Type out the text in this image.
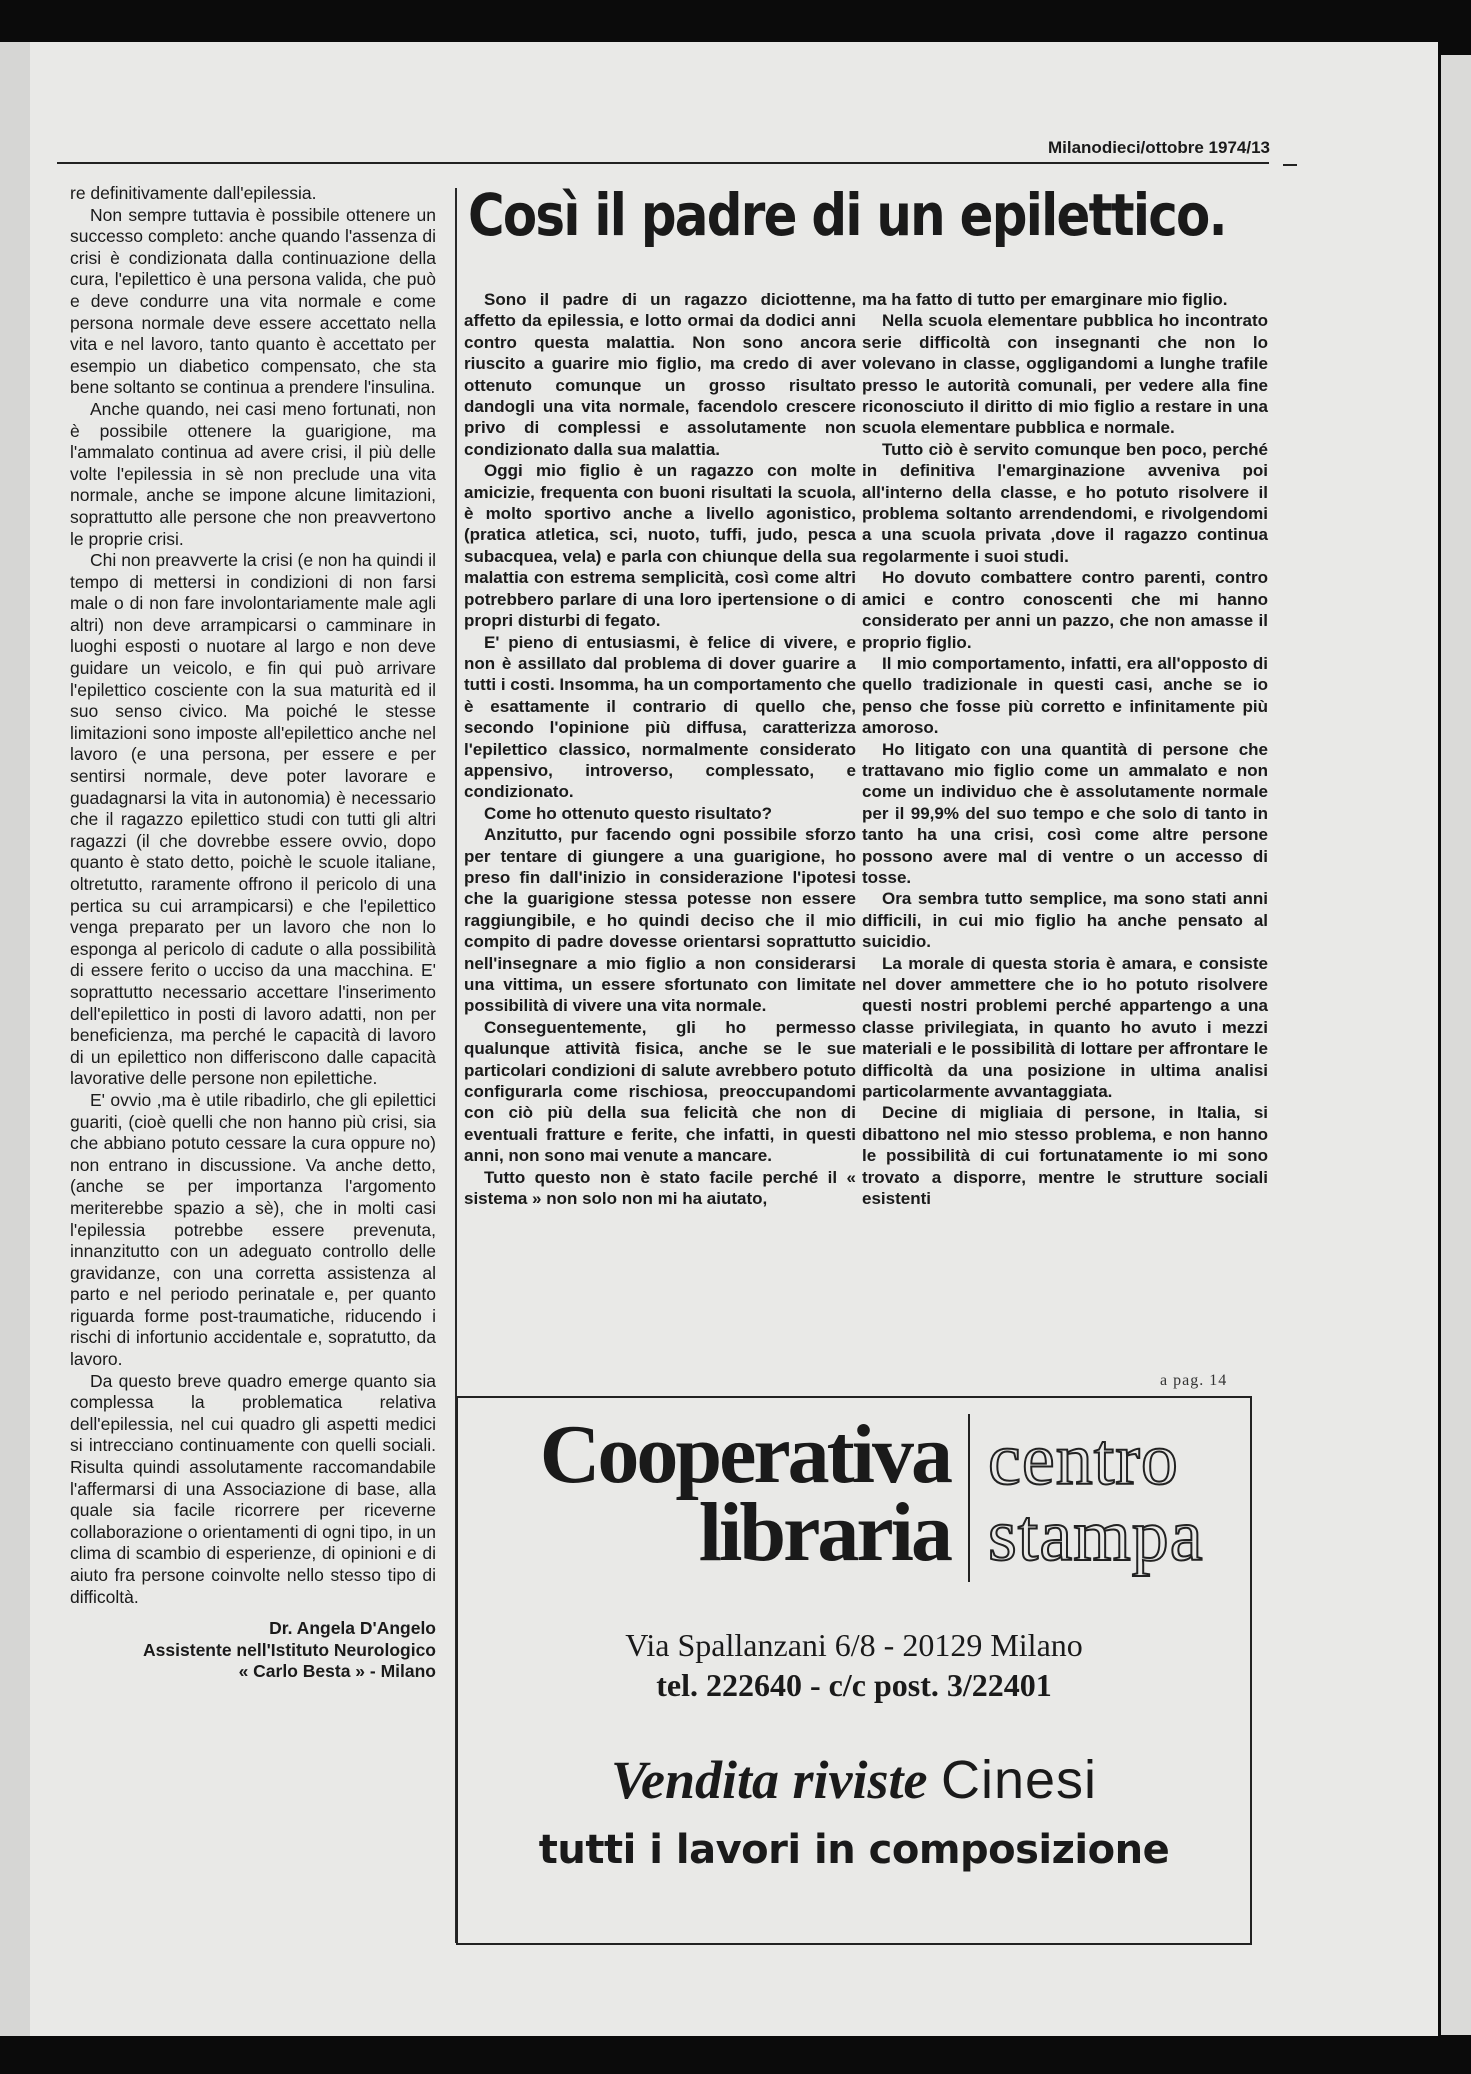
Milanodieci/ottobre 1974/13

re definitivamente dall'epilessia.

Non sempre tuttavia è possibile ottenere un successo completo: anche quando l'assenza di crisi è condizionata dalla continuazione della cura, l'epilettico è una persona valida, che può e deve condurre una vita normale e come persona normale deve essere accettato nella vita e nel lavoro, tanto quanto è accettato per esempio un diabetico compensato, che sta bene soltanto se continua a prendere l'insulina.

Anche quando, nei casi meno fortunati, non è possibile ottenere la guarigione, ma l'ammalato continua ad avere crisi, il più delle volte l'epilessia in sè non preclude una vita normale, anche se impone alcune limitazioni, soprattutto alle persone che non preavvertono le proprie crisi.

Chi non preavverte la crisi (e non ha quindi il tempo di mettersi in condizioni di non farsi male o di non fare involontariamente male agli altri) non deve arrampicarsi o camminare in luoghi esposti o nuotare al largo e non deve guidare un veicolo, e fin qui può arrivare l'epilettico cosciente con la sua maturità ed il suo senso civico. Ma poiché le stesse limitazioni sono imposte all'epilettico anche nel lavoro (e una persona, per essere e per sentirsi normale, deve poter lavorare e guadagnarsi la vita in autonomia) è necessario che il ragazzo epilettico studi con tutti gli altri ragazzi (il che dovrebbe essere ovvio, dopo quanto è stato detto, poichè le scuole italiane, oltretutto, raramente offrono il pericolo di una pertica su cui arrampicarsi) e che l'epilettico venga preparato per un lavoro che non lo esponga al pericolo di cadute o alla possibilità di essere ferito o ucciso da una macchina. E' soprattutto necessario accettare l'inserimento dell'epilettico in posti di lavoro adatti, non per beneficienza, ma perché le capacità di lavoro di un epilettico non differiscono dalle capacità lavorative delle persone non epilettiche.

E' ovvio ,ma è utile ribadirlo, che gli epilettici guariti, (cioè quelli che non hanno più crisi, sia che abbiano potuto cessare la cura oppure no) non entrano in discussione. Va anche detto, (anche se per importanza l'argomento meriterebbe spazio a sè), che in molti casi l'epilessia potrebbe essere prevenuta, innanzitutto con un adeguato controllo delle gravidanze, con una corretta assistenza al parto e nel periodo perinatale e, per quanto riguarda forme post-traumatiche, riducendo i rischi di infortunio accidentale e, sopratutto, da lavoro.

Da questo breve quadro emerge quanto sia complessa la problematica relativa dell'epilessia, nel cui quadro gli aspetti medici si intrecciano continuamente con quelli sociali. Risulta quindi assolutamente raccomandabile l'affermarsi di una Associazione di base, alla quale sia facile ricorrere per riceverne collaborazione o orientamenti di ogni tipo, in un clima di scambio di esperienze, di opinioni e di aiuto fra persone coinvolte nello stesso tipo di difficoltà.

Dr. Angela D'Angelo

Assistente nell'Istituto Neurologico

« Carlo Besta » - Milano

Così il padre di un epilettico.

Sono il padre di un ragazzo diciottenne, affetto da epilessia, e lotto ormai da dodici anni contro questa malattia. Non sono ancora riuscito a guarire mio figlio, ma credo di aver ottenuto comunque un grosso risultato dandogli una vita normale, facendolo crescere privo di complessi e assolutamente non condizionato dalla sua malattia.

Oggi mio figlio è un ragazzo con molte amicizie, frequenta con buoni risultati la scuola, è molto sportivo anche a livello agonistico, (pratica atletica, sci, nuoto, tuffi, judo, pesca subacquea, vela) e parla con chiunque della sua malattia con estrema semplicità, così come altri potrebbero parlare di una loro ipertensione o di propri disturbi di fegato.

E' pieno di entusiasmi, è felice di vivere, e non è assillato dal problema di dover guarire a tutti i costi. Insomma, ha un comportamento che è esattamente il contrario di quello che, secondo l'opinione più diffusa, caratterizza l'epilettico classico, normalmente considerato appensivo, introverso, complessato, e condizionato.

Come ho ottenuto questo risultato?

Anzitutto, pur facendo ogni possibile sforzo per tentare di giungere a una guarigione, ho preso fin dall'inizio in considerazione l'ipotesi che la guarigione stessa potesse non essere raggiungibile, e ho quindi deciso che il mio compito di padre dovesse orientarsi soprattutto nell'insegnare a mio figlio a non considerarsi una vittima, un essere sfortunato con limitate possibilità di vivere una vita normale.

Conseguentemente, gli ho permesso qualunque attività fisica, anche se le sue particolari condizioni di salute avrebbero potuto configurarla come rischiosa, preoccupandomi con ciò più della sua felicità che non di eventuali fratture e ferite, che infatti, in questi anni, non sono mai venute a mancare.

Tutto questo non è stato facile perché il « sistema » non solo non mi ha aiutato,

ma ha fatto di tutto per emarginare mio figlio.

Nella scuola elementare pubblica ho incontrato serie difficoltà con insegnanti che non lo volevano in classe, oggligandomi a lunghe trafile presso le autorità comunali, per vedere alla fine riconosciuto il diritto di mio figlio a restare in una scuola elementare pubblica e normale.

Tutto ciò è servito comunque ben poco, perché in definitiva l'emarginazione avveniva poi all'interno della classe, e ho potuto risolvere il problema soltanto arrendendomi, e rivolgendomi a una scuola privata ,dove il ragazzo continua regolarmente i suoi studi.

Ho dovuto combattere contro parenti, contro amici e contro conoscenti che mi hanno considerato per anni un pazzo, che non amasse il proprio figlio.

Il mio comportamento, infatti, era all'opposto di quello tradizionale in questi casi, anche se io penso che fosse più corretto e infinitamente più amoroso.

Ho litigato con una quantità di persone che trattavano mio figlio come un ammalato e non come un individuo che è assolutamente normale per il 99,9% del suo tempo e che solo di tanto in tanto ha una crisi, così come altre persone possono avere mal di ventre o un accesso di tosse.

Ora sembra tutto semplice, ma sono stati anni difficili, in cui mio figlio ha anche pensato al suicidio.

La morale di questa storia è amara, e consiste nel dover ammettere che io ho potuto risolvere questi nostri problemi perché appartengo a una classe privilegiata, in quanto ho avuto i mezzi materiali e le possibilità di lottare per affrontare le difficoltà da una posizione in ultima analisi particolarmente avvantaggiata.

Decine di migliaia di persone, in Italia, si dibattono nel mio stesso problema, e non hanno le possibilità di cui fortunatamente io mi sono trovato a disporre, mentre le strutture sociali esistenti

a pag. 14
Cooperativa
libraria
centro
stampa
Via Spallanzani 6/8 - 20129 Milano
tel. 222640 - c/c post. 3/22401
Vendita riviste Cinesi
tutti i lavori in composizione
